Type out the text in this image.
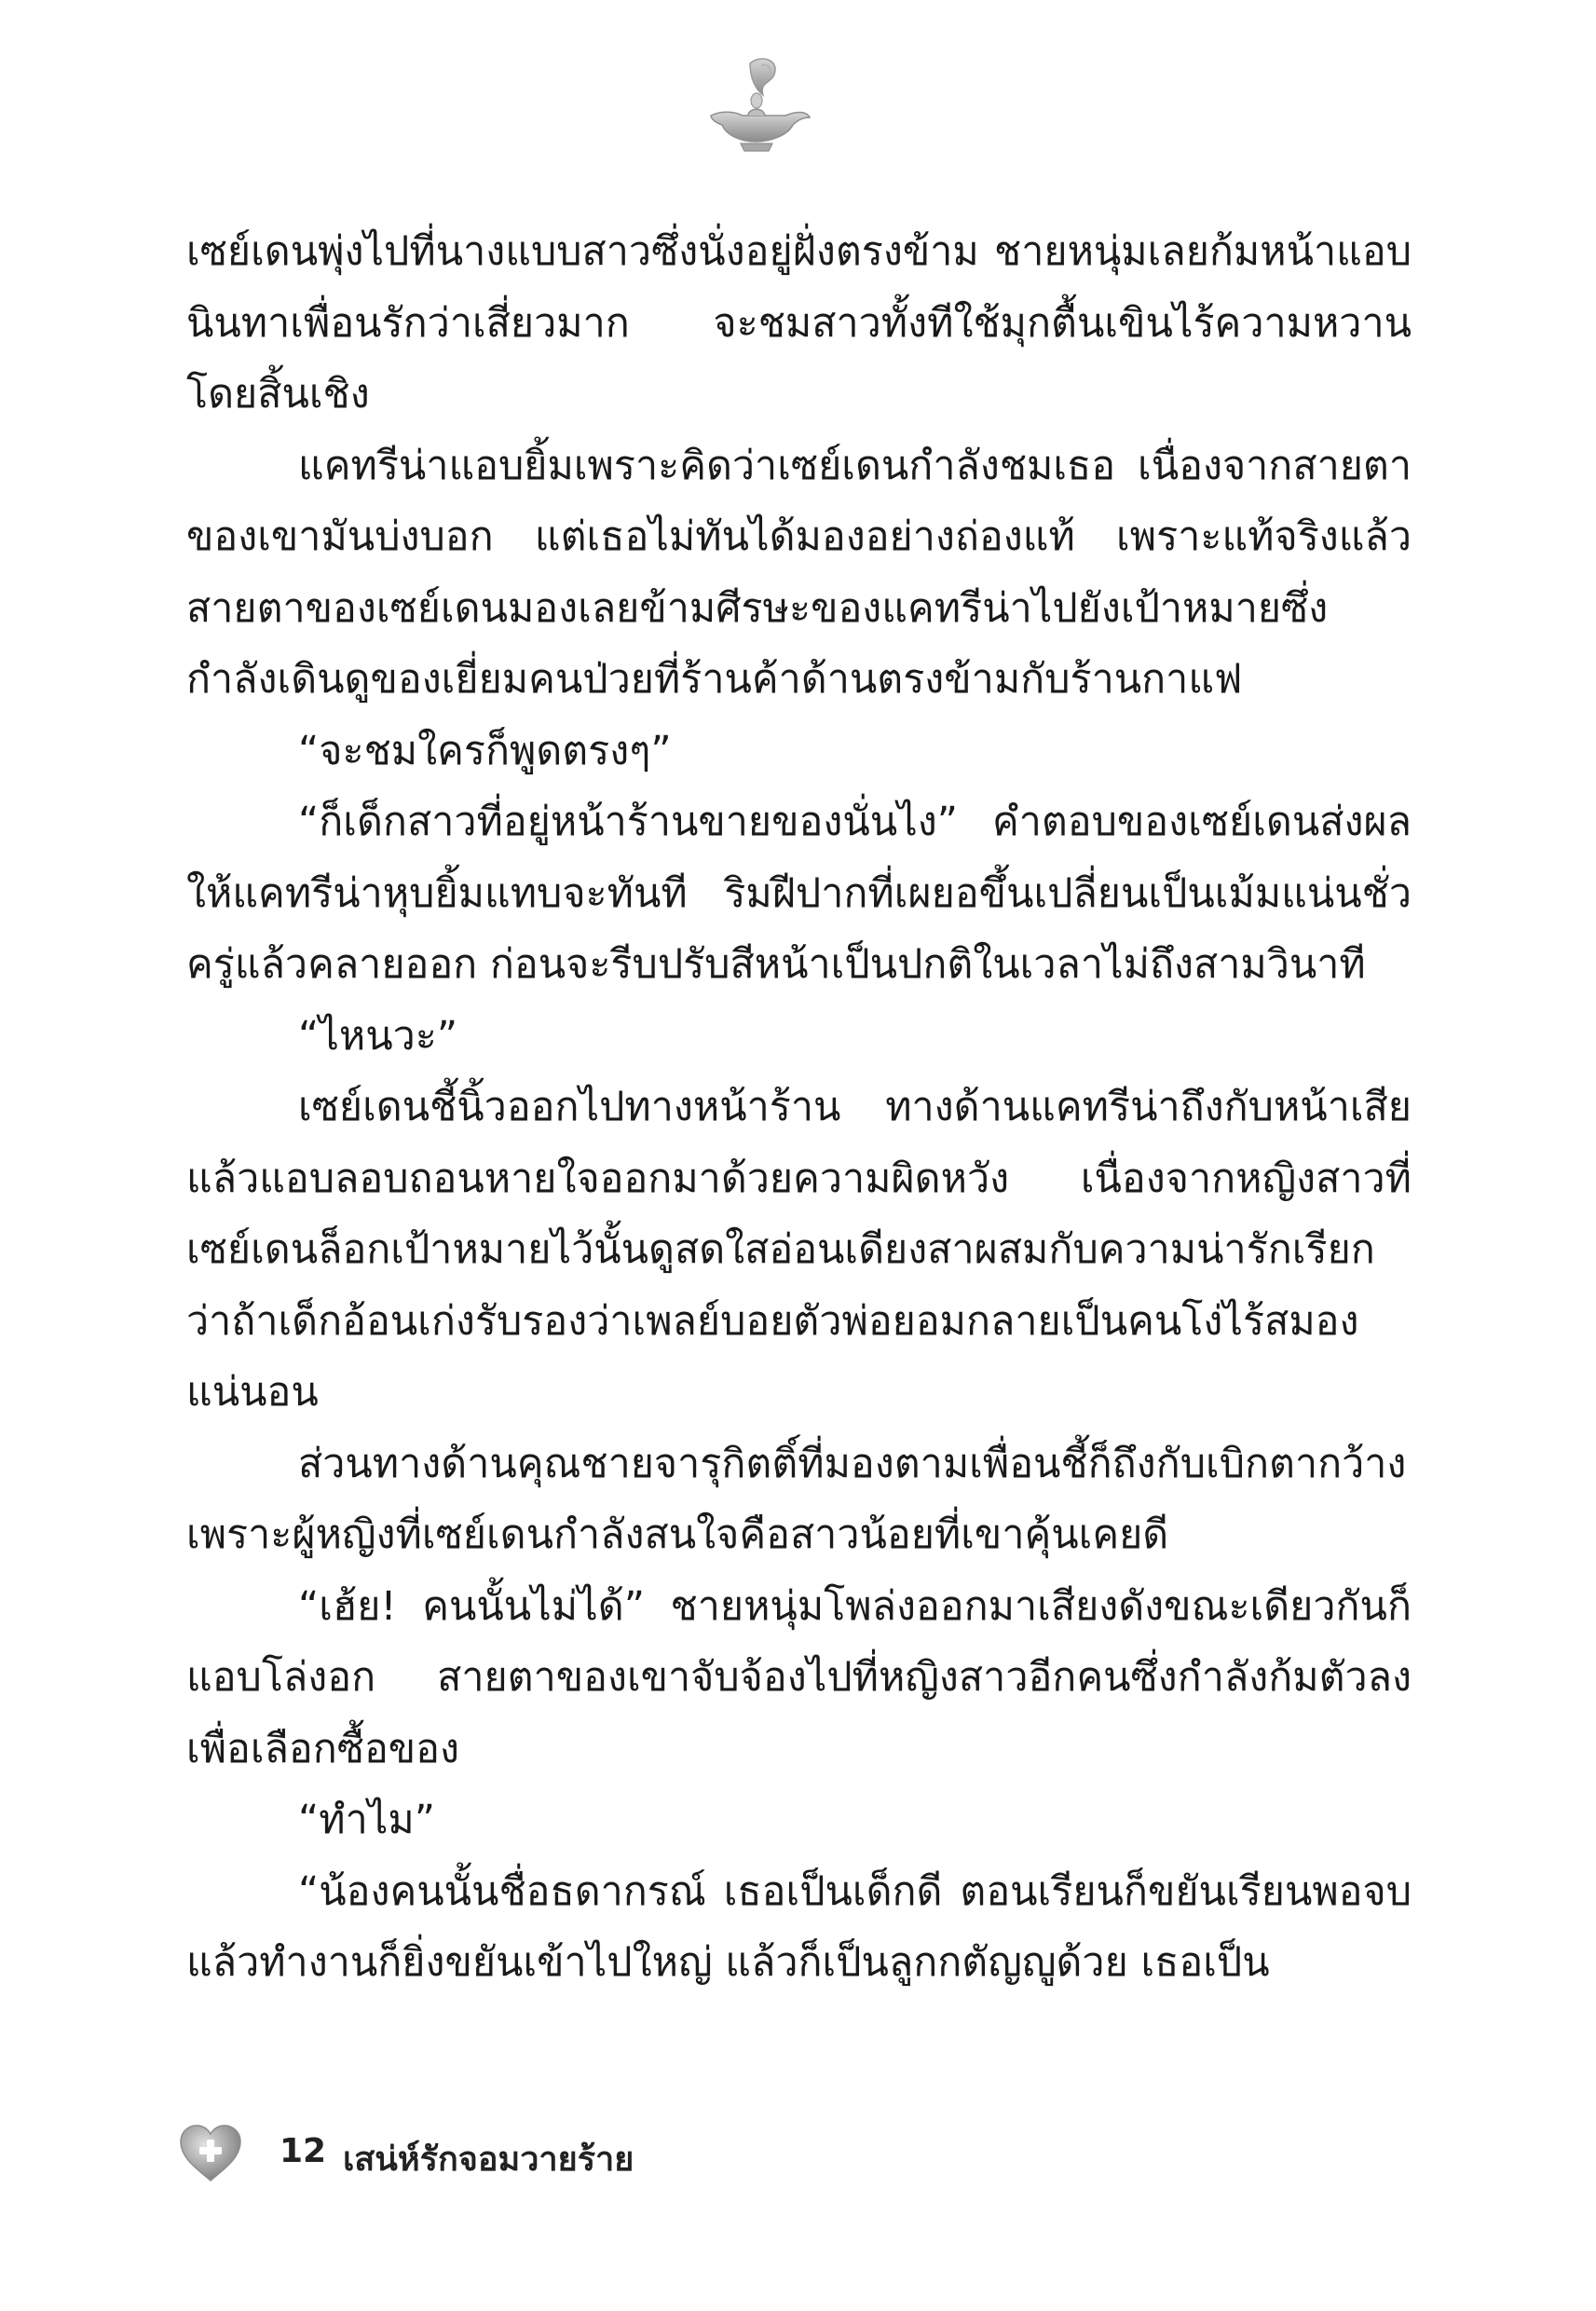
เซย์เดนพุ่งไปที่นางแบบสาวซึ่งนั่งอยู่ฝั่งตรงข้าม ชายหนุ่มเลยก้มหน้าแอบนินทาเพื่อนรักว่าเสี่ยวมาก จะชมสาวทั้งทีใช้มุกตื้นเขินไร้ความหวานโดยสิ้นเชิง

แคทรีน่าแอบยิ้มเพราะคิดว่าเซย์เดนกำลังชมเธอ เนื่องจากสายตาของเขามันบ่งบอก แต่เธอไม่ทันได้มองอย่างถ่องแท้ เพราะแท้จริงแล้วสายตาของเซย์เดนมองเลยข้ามศีรษะของแคทรีน่าไปยังเป้าหมายซึ่งกำลังเดินดูของเยี่ยมคนป่วยที่ร้านค้าด้านตรงข้ามกับร้านกาแฟ

“จะชมใครก็พูดตรงๆ”

“ก็เด็กสาวที่อยู่หน้าร้านขายของนั่นไง” คำตอบของเซย์เดนส่งผลให้แคทรีน่าหุบยิ้มแทบจะทันที ริมฝีปากที่เผยอขึ้นเปลี่ยนเป็นเม้มแน่นชั่วครู่แล้วคลายออก ก่อนจะรีบปรับสีหน้าเป็นปกติในเวลาไม่ถึงสามวินาที

“ไหนวะ”

เซย์เดนชี้นิ้วออกไปทางหน้าร้าน ทางด้านแคทรีน่าถึงกับหน้าเสียแล้วแอบลอบถอนหายใจออกมาด้วยความผิดหวัง เนื่องจากหญิงสาวที่เซย์เดนล็อกเป้าหมายไว้นั้นดูสดใสอ่อนเดียงสาผสมกับความน่ารักเรียกว่าถ้าเด็กอ้อนเก่งรับรองว่าเพลย์บอยตัวพ่อยอมกลายเป็นคนโง่ไร้สมองแน่นอน

ส่วนทางด้านคุณชายจารุกิตติ์ที่มองตามเพื่อนชี้ก็ถึงกับเบิกตากว้าง เพราะผู้หญิงที่เซย์เดนกำลังสนใจคือสาวน้อยที่เขาคุ้นเคยดี

“เฮ้ย! คนนั้นไม่ได้” ชายหนุ่มโพล่งออกมาเสียงดังขณะเดียวกันก็แอบโล่งอก สายตาของเขาจับจ้องไปที่หญิงสาวอีกคนซึ่งกำลังก้มตัวลงเพื่อเลือกซื้อของ

“ทำไม”

“น้องคนนั้นชื่อธดากรณ์ เธอเป็นเด็กดี ตอนเรียนก็ขยันเรียนพอจบแล้วทำงานก็ยิ่งขยันเข้าไปใหญ่ แล้วก็เป็นลูกกตัญญูด้วย เธอเป็น

12 เสน่ห์รักจอมวายร้าย
